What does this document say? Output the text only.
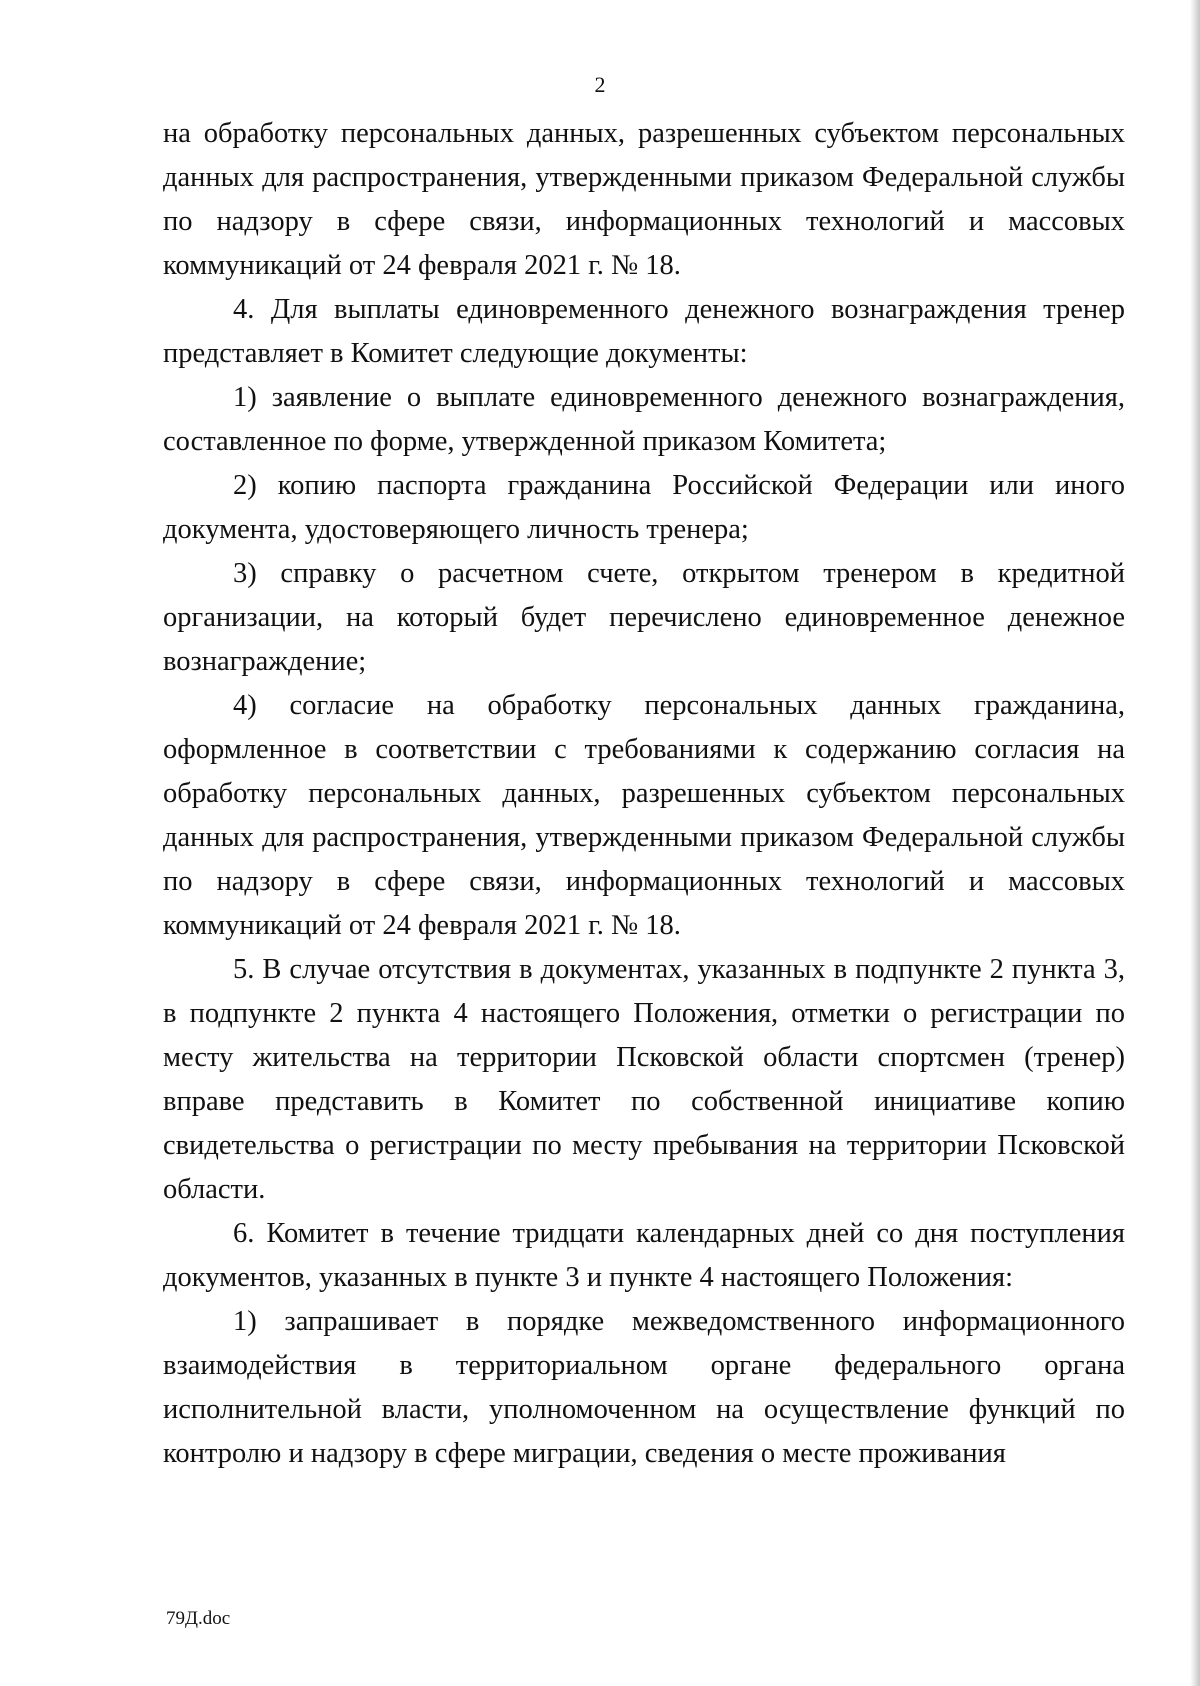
2

на обработку персональных данных, разрешенных субъектом персональных данных для распространения, утвержденными приказом Федеральной службы по надзору в сфере связи, информационных технологий и массовых коммуникаций от 24 февраля 2021 г. № 18.

4. Для выплаты единовременного денежного вознаграждения тренер представляет в Комитет следующие документы:

1) заявление о выплате единовременного денежного вознаграждения, составленное по форме, утвержденной приказом Комитета;

2) копию паспорта гражданина Российской Федерации или иного документа, удостоверяющего личность тренера;

3) справку о расчетном счете, открытом тренером в кредитной организации, на который будет перечислено единовременное денежное вознаграждение;

4) согласие на обработку персональных данных гражданина, оформленное в соответствии с требованиями к содержанию согласия на обработку персональных данных, разрешенных субъектом персональных данных для распространения, утвержденными приказом Федеральной службы по надзору в сфере связи, информационных технологий и массовых коммуникаций от 24 февраля 2021 г. № 18.

5. В случае отсутствия в документах, указанных в подпункте 2 пункта 3, в подпункте 2 пункта 4 настоящего Положения, отметки о регистрации по месту жительства на территории Псковской области спортсмен (тренер) вправе представить в Комитет по собственной инициативе копию свидетельства о регистрации по месту пребывания на территории Псковской области.

6. Комитет в течение тридцати календарных дней со дня поступления документов, указанных в пункте 3 и пункте 4 настоящего Положения:

1) запрашивает в порядке межведомственного информационного взаимодействия в территориальном органе федерального органа исполнительной власти, уполномоченном на осуществление функций по контролю и надзору в сфере миграции, сведения о месте проживания

79Д.doc
